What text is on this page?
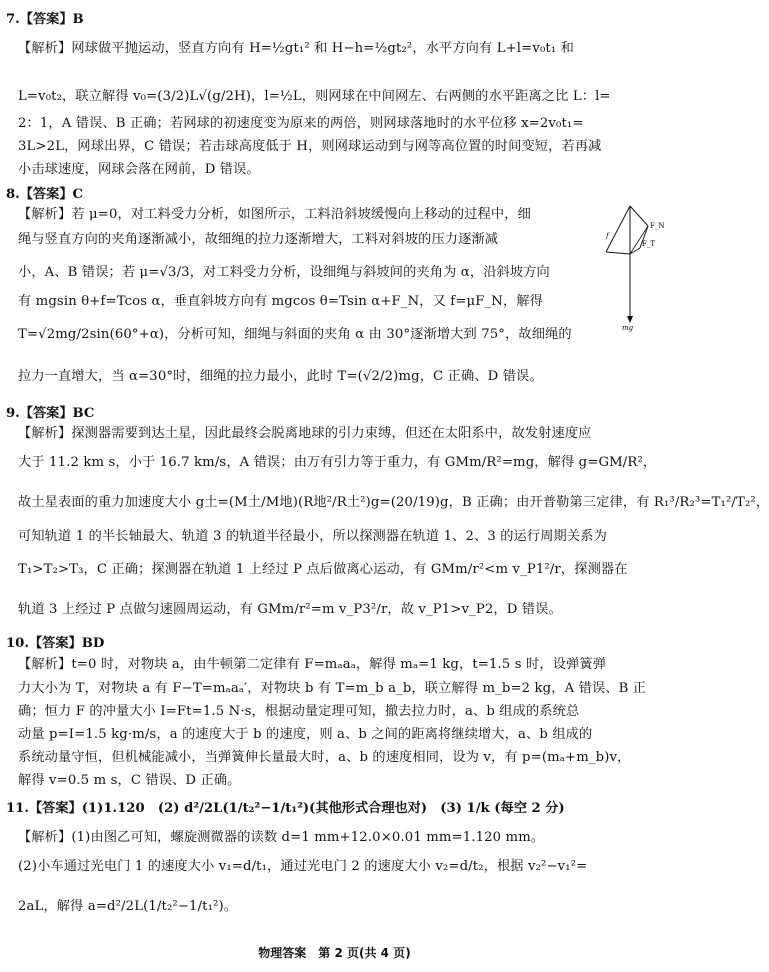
7.【答案】B
【解析】网球做平抛运动，竖直方向有 H=½gt₁² 和 H−h=½gt₂²，水平方向有 L+l=v₀t₁ 和
L=v₀t₂，联立解得 v₀=(3/2)L√(g/2H)，l=½L，则网球在中间网左、右两侧的水平距离之比 L：l=
2：1，A 错误、B 正确；若网球的初速度变为原来的两倍，则网球落地时的水平位移 x=2v₀t₁=
3L>2L，网球出界，C 错误；若击球高度低于 H，则网球运动到与网等高位置的时间变短，若再减
小击球速度，网球会落在网前，D 错误。
8.【答案】C
【解析】若 μ=0，对工料受力分析，如图所示，工料沿斜坡缓慢向上移动的过程中，细
绳与竖直方向的夹角逐渐减小，故细绳的拉力逐渐增大，工料对斜坡的压力逐渐减
小，A、B 错误；若 μ=√3/3，对工料受力分析，设细绳与斜坡间的夹角为 α，沿斜坡方向
有 mgsin θ+f=Tcos α，垂直斜坡方向有 mgcos θ=Tsin α+F_N，又 f=μF_N，解得
T=√2mg/2sin(60°+α)，分析可知，细绳与斜面的夹角 α 由 30°逐渐增大到 75°，故细绳的
拉力一直增大，当 α=30°时，细绳的拉力最小，此时 T=(√2/2)mg，C 正确、D 错误。
F_N
F_T
f
mg
9.【答案】BC
【解析】探测器需要到达土星，因此最终会脱离地球的引力束缚，但还在太阳系中，故发射速度应
大于 11.2 km s，小于 16.7 km/s，A 错误；由万有引力等于重力，有 GMm/R²=mg，解得 g=GM/R²，
故土星表面的重力加速度大小 g土=(M土/M地)(R地²/R土²)g=(20/19)g，B 正确；由开普勒第三定律，有 R₁³/R₂³=T₁²/T₂²，
可知轨道 1 的半长轴最大、轨道 3 的轨道半径最小，所以探测器在轨道 1、2、3 的运行周期关系为
T₁>T₂>T₃，C 正确；探测器在轨道 1 上经过 P 点后做离心运动，有 GMm/r²<m v_P1²/r，探测器在
轨道 3 上经过 P 点做匀速圆周运动，有 GMm/r²=m v_P3²/r，故 v_P1>v_P2，D 错误。
10.【答案】BD
【解析】t=0 时，对物块 a，由牛顿第二定律有 F=mₐaₐ，解得 mₐ=1 kg，t=1.5 s 时，设弹簧弹
力大小为 T，对物块 a 有 F−T=mₐaₐ′，对物块 b 有 T=m_b a_b，联立解得 m_b=2 kg，A 错误、B 正
确；恒力 F 的冲量大小 I=Ft=1.5 N·s，根据动量定理可知，撤去拉力时，a、b 组成的系统总
动量 p=I=1.5 kg·m/s，a 的速度大于 b 的速度，则 a、b 之间的距离将继续增大，a、b 组成的
系统动量守恒，但机械能减小，当弹簧伸长量最大时，a、b 的速度相同，设为 v，有 p=(mₐ+m_b)v，
解得 v=0.5 m s，C 错误、D 正确。
11.【答案】(1)1.120　(2) d²/2L(1/t₂²−1/t₁²)(其他形式合理也对)　(3) 1/k (每空 2 分)
【解析】(1)由图乙可知，螺旋测微器的读数 d=1 mm+12.0×0.01 mm=1.120 mm。
(2)小车通过光电门 1 的速度大小 v₁=d/t₁，通过光电门 2 的速度大小 v₂=d/t₂，根据 v₂²−v₁²=
2aL，解得 a=d²/2L(1/t₂²−1/t₁²)。
物理答案　第 2 页(共 4 页)
